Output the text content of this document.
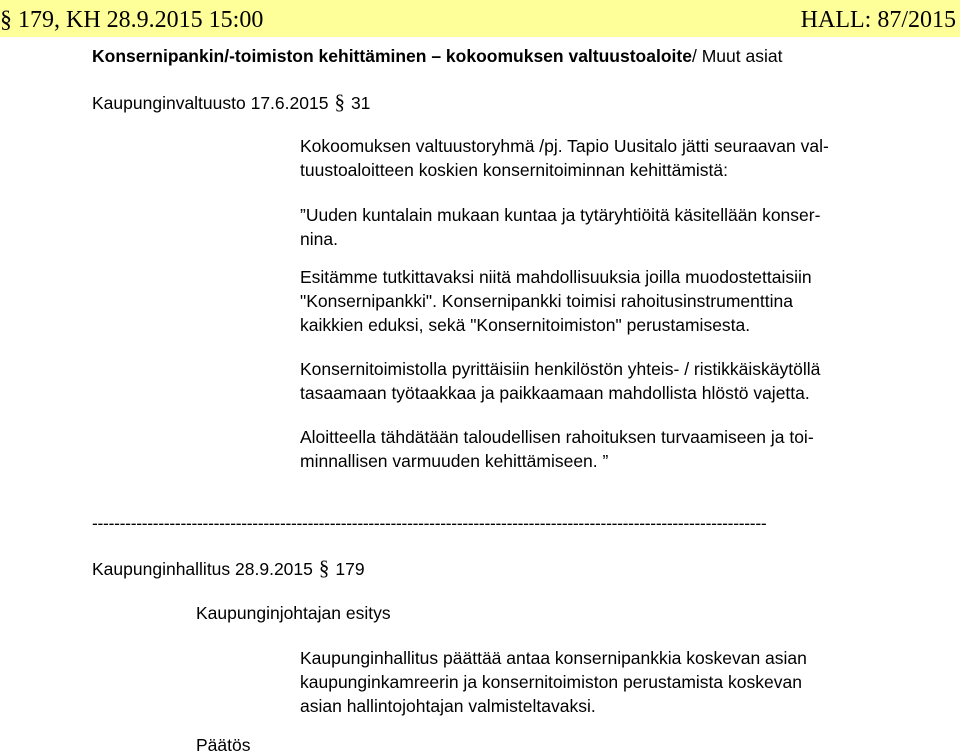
§ 179, KH 28.9.2015 15:00	HALL: 87/2015
Konsernipankin/-toimiston kehittäminen – kokoomuksen valtuustoaloite/ Muut asiat
Kaupunginvaltuusto 17.6.2015 § 31
Kokoomuksen valtuustoryhmä /pj. Tapio Uusitalo jätti seuraavan val-
tuustoaloitteen koskien konsernitoiminnan kehittämistä:
”Uuden kuntalain mukaan kuntaa ja tytäryhtiöitä käsitellään konser-
nina.
Esitämme tutkittavaksi niitä mahdollisuuksia joilla muodostettaisiin
"Konsernipankki". Konsernipankki toimisi rahoitusinstrumenttina
kaikkien eduksi, sekä "Konsernitoimiston" perustamisesta.
Konsernitoimistolla pyrittäisiin henkilöstön yhteis- / ristikkäiskäytöllä
tasaamaan työtaakkaa ja paikkaamaan mahdollista hlöstö vajetta.
Aloitteella tähdätään taloudellisen rahoituksen turvaamiseen ja toi-
minnallisen varmuuden kehittämiseen. ”
--------------------------------------------------------------------------------------------------------------------------
Kaupunginhallitus 28.9.2015 § 179
Kaupunginjohtajan esitys
Kaupunginhallitus päättää antaa konsernipankkia koskevan asian
kaupunginkamreerin ja konsernitoimiston perustamista koskevan
asian hallintojohtajan valmisteltavaksi.
Päätös
